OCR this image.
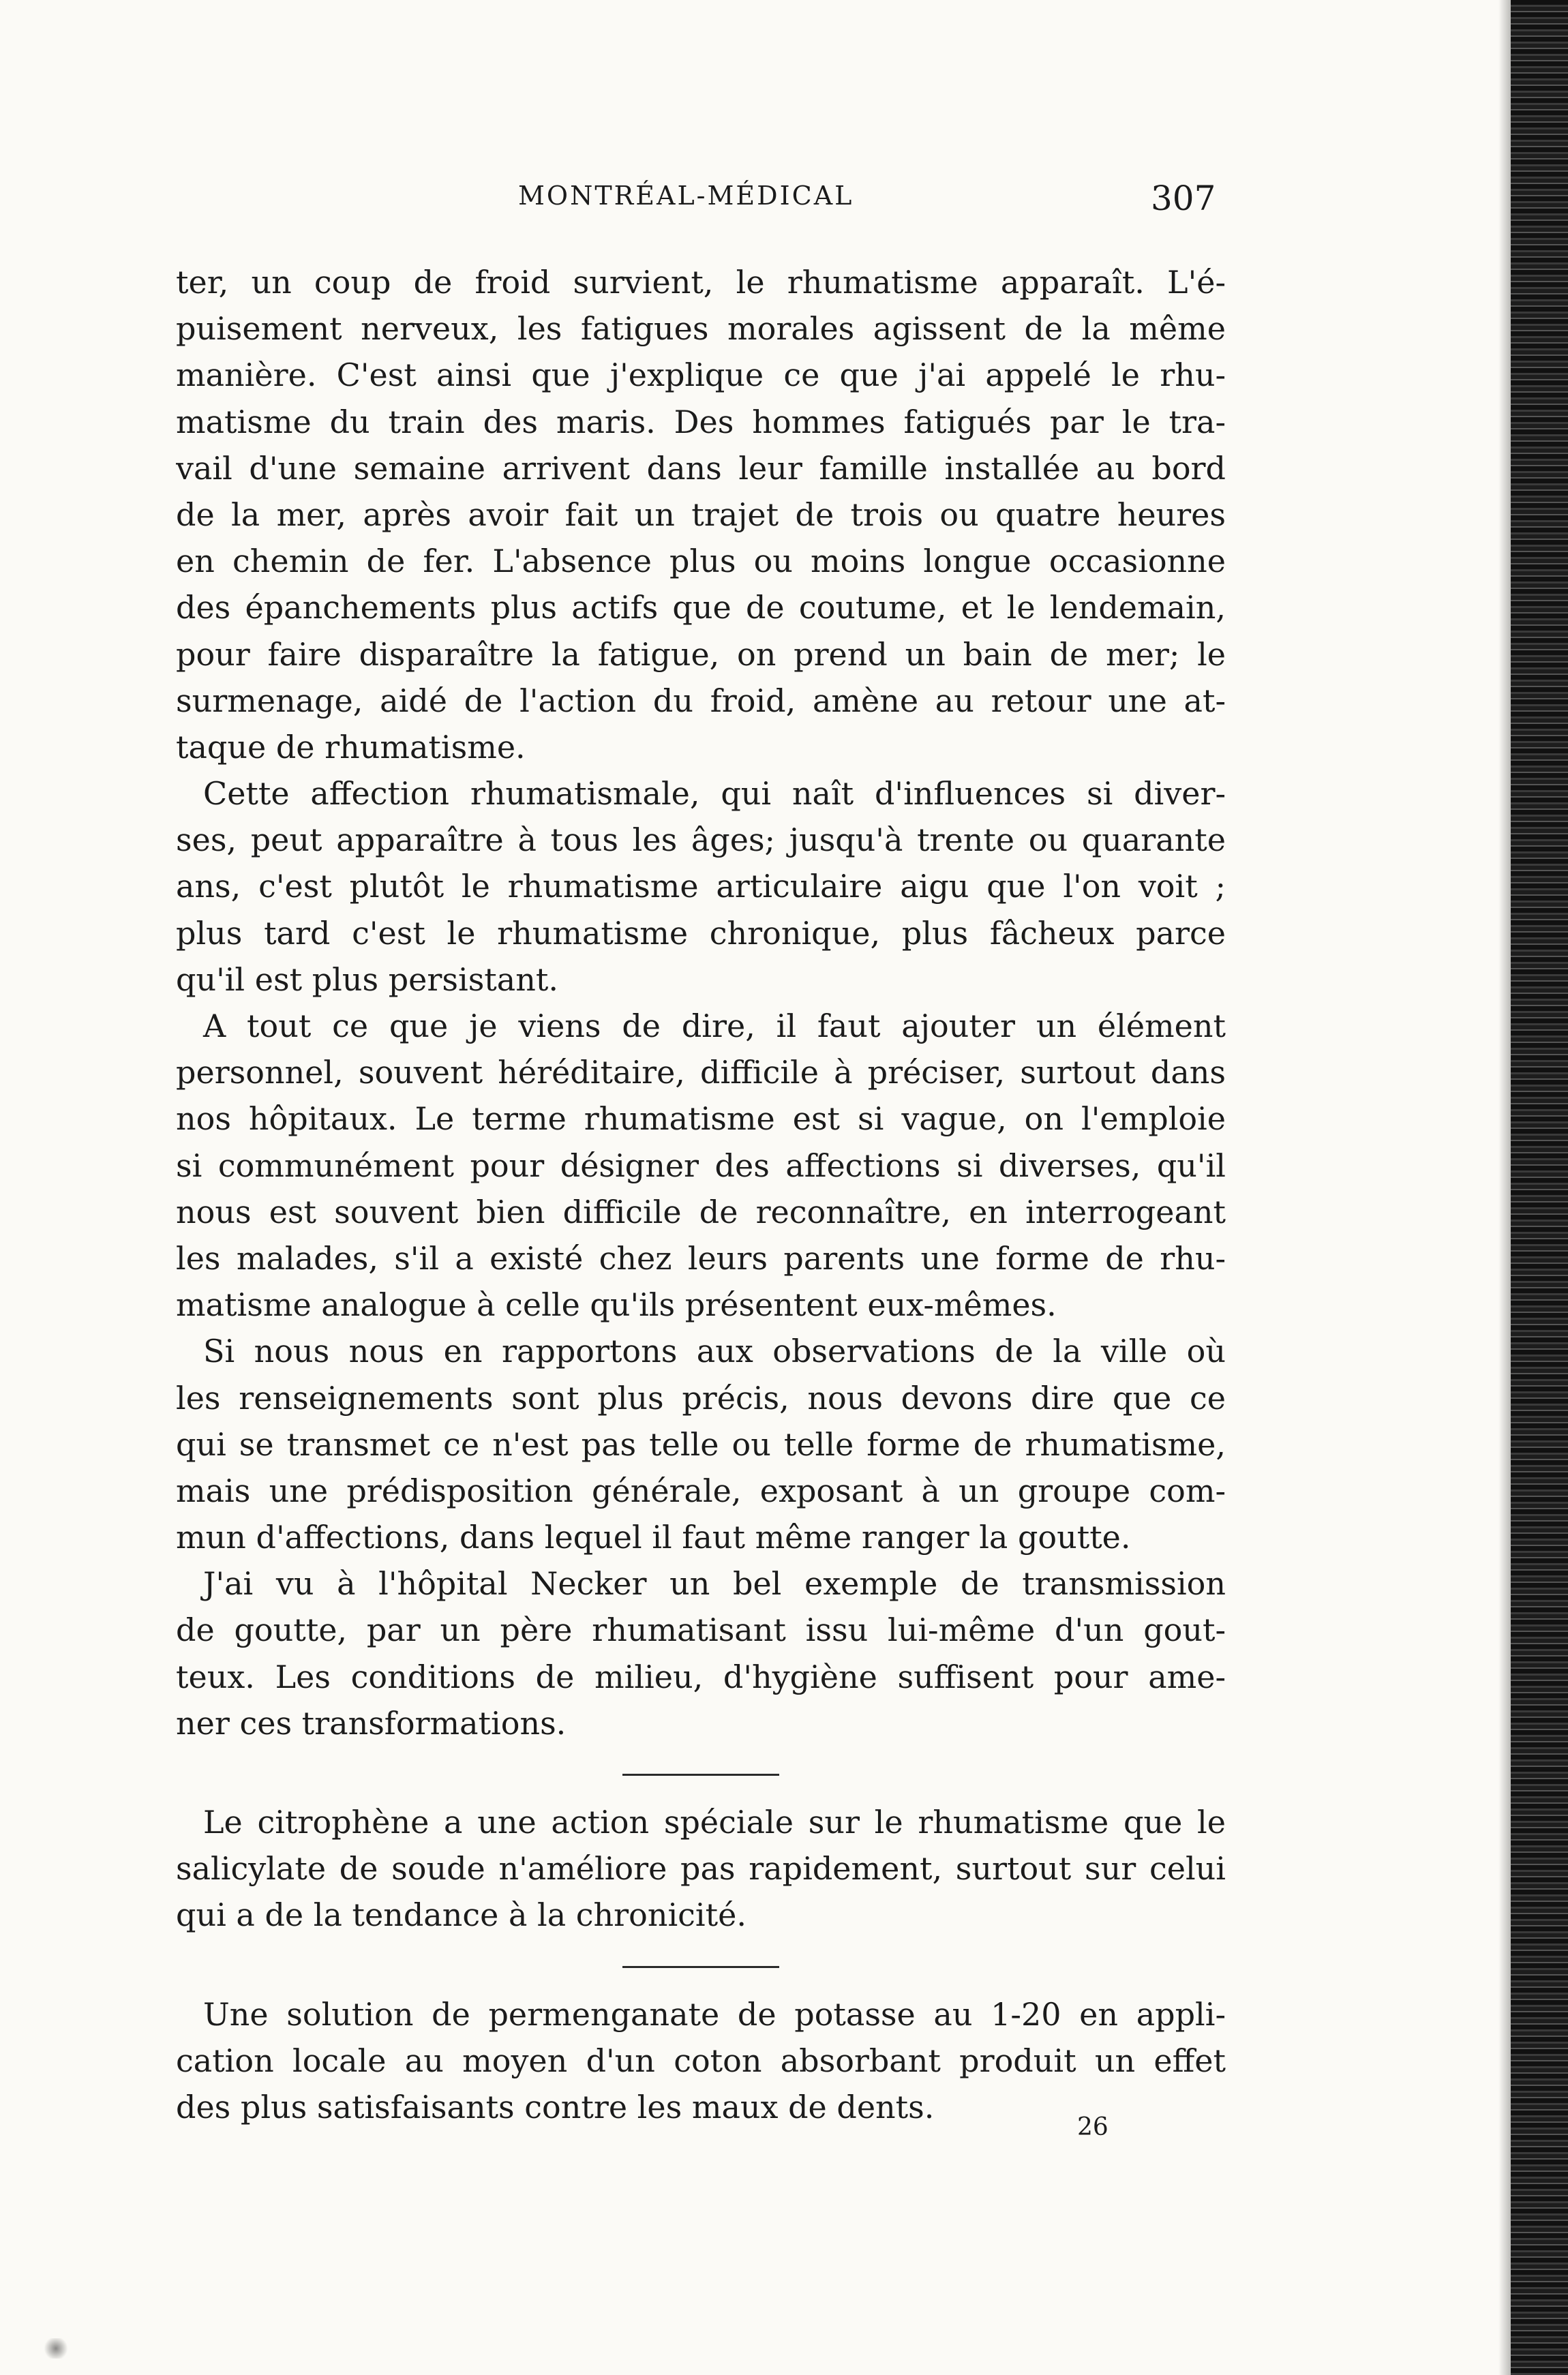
MONTRÉAL-MÉDICAL	307
ter, un coup de froid survient, le rhumatisme apparaît. L'é-
puisement nerveux, les fatigues morales agissent de la même
manière. C'est ainsi que j'explique ce que j'ai appelé le rhu-
matisme du train des maris. Des hommes fatigués par le tra-
vail d'une semaine arrivent dans leur famille installée au bord
de la mer, après avoir fait un trajet de trois ou quatre heures
en chemin de fer. L'absence plus ou moins longue occasionne
des épanchements plus actifs que de coutume, et le lendemain,
pour faire disparaître la fatigue, on prend un bain de mer; le
surmenage, aidé de l'action du froid, amène au retour une at-
taque de rhumatisme.
Cette affection rhumatismale, qui naît d'influences si diver-
ses, peut apparaître à tous les âges; jusqu'à trente ou quarante
ans, c'est plutôt le rhumatisme articulaire aigu que l'on voit ;
plus tard c'est le rhumatisme chronique, plus fâcheux parce
qu'il est plus persistant.
A tout ce que je viens de dire, il faut ajouter un élément
personnel, souvent héréditaire, difficile à préciser, surtout dans
nos hôpitaux. Le terme rhumatisme est si vague, on l'emploie
si communément pour désigner des affections si diverses, qu'il
nous est souvent bien difficile de reconnaître, en interrogeant
les malades, s'il a existé chez leurs parents une forme de rhu-
matisme analogue à celle qu'ils présentent eux-mêmes.
Si nous nous en rapportons aux observations de la ville où
les renseignements sont plus précis, nous devons dire que ce
qui se transmet ce n'est pas telle ou telle forme de rhumatisme,
mais une prédisposition générale, exposant à un groupe com-
mun d'affections, dans lequel il faut même ranger la goutte.
J'ai vu à l'hôpital Necker un bel exemple de transmission
de goutte, par un père rhumatisant issu lui-même d'un gout-
teux. Les conditions de milieu, d'hygiène suffisent pour ame-
ner ces transformations.
Le citrophène a une action spéciale sur le rhumatisme que le
salicylate de soude n'améliore pas rapidement, surtout sur celui
qui a de la tendance à la chronicité.
Une solution de permenganate de potasse au 1-20 en appli-
cation locale au moyen d'un coton absorbant produit un effet
des plus satisfaisants contre les maux de dents.
26
